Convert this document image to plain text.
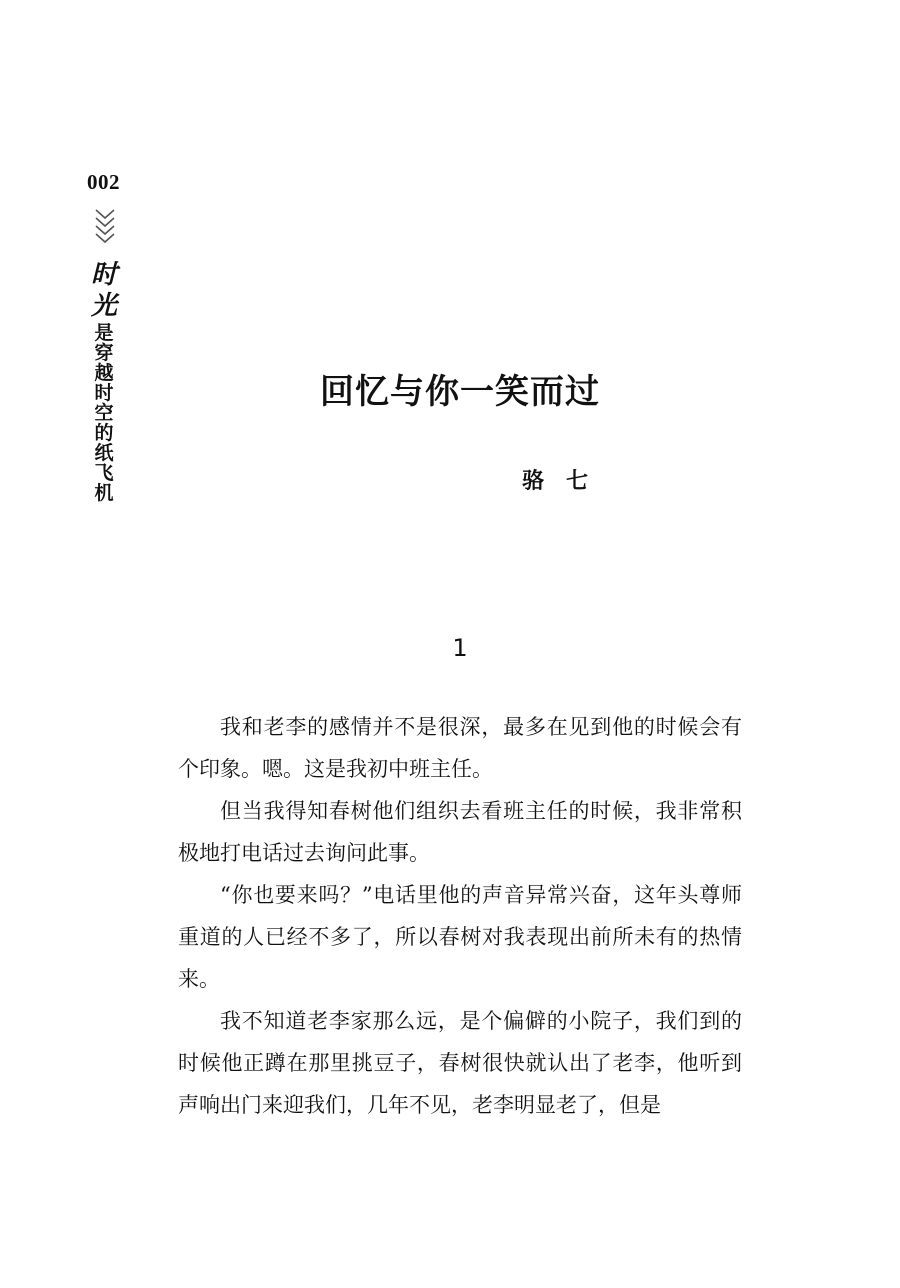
002
时
光
是
穿
越
时
空
的
纸
飞
机
回忆与你一笑而过
骆七
1

我和老李的感情并不是很深，最多在见到他的时候会有个印象。嗯。这是我初中班主任。

但当我得知春树他们组织去看班主任的时候，我非常积极地打电话过去询问此事。

“你也要来吗？”电话里他的声音异常兴奋，这年头尊师重道的人已经不多了，所以春树对我表现出前所未有的热情来。

我不知道老李家那么远，是个偏僻的小院子，我们到的时候他正蹲在那里挑豆子，春树很快就认出了老李，他听到声响出门来迎我们，几年不见，老李明显老了，但是
